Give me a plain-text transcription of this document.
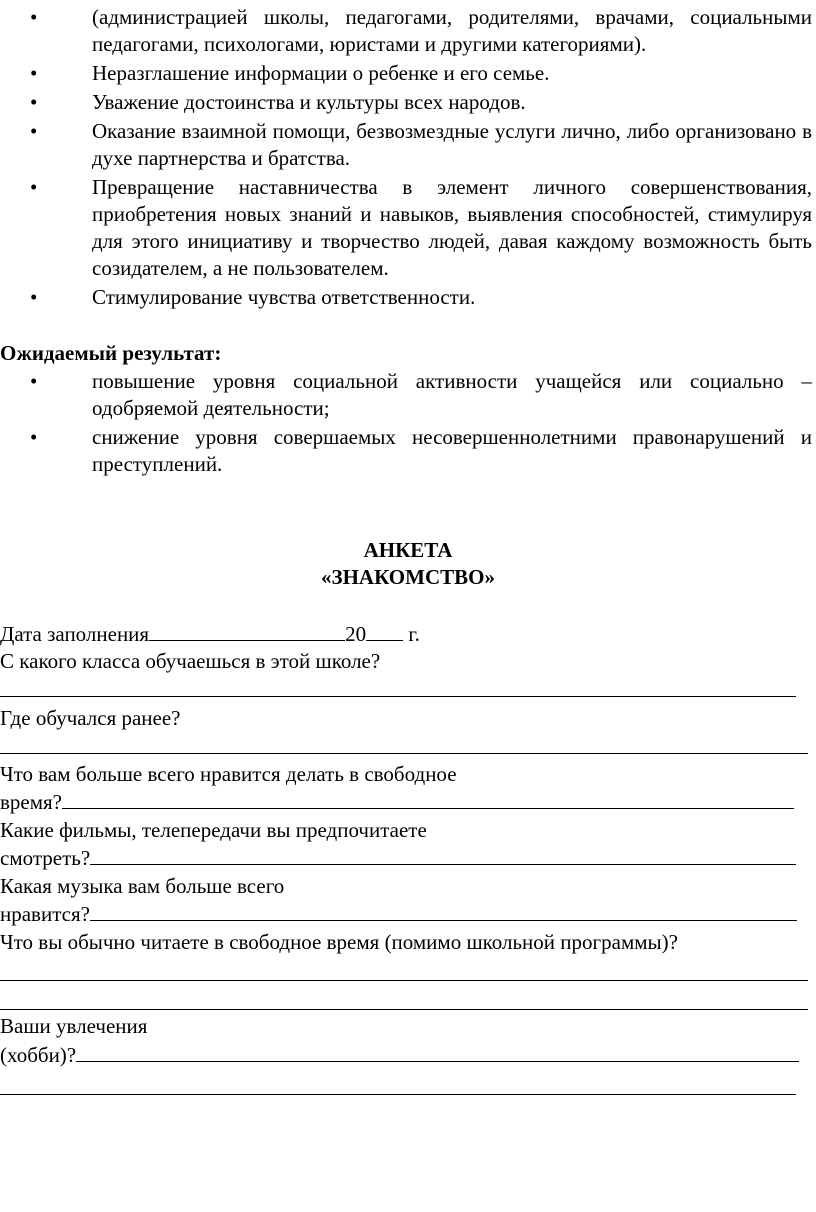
•	(администрацией школы, педагогами, родителями, врачами, социальными педагогами, психологами, юристами и другими категориями).
•	Неразглашение информации о ребенке и его семье.
•	Уважение достоинства и культуры всех народов.
•	Оказание взаимной помощи, безвозмездные услуги лично, либо организовано в духе партнерства и братства.
•	Превращение наставничества в элемент личного совершенствования, приобретения новых знаний и навыков, выявления способностей, стимулируя для этого инициативу и творчество людей, давая каждому возможность быть созидателем, а не пользователем.
•	Стимулирование чувства ответственности.
Ожидаемый результат:
•	повышение уровня социальной активности учащейся или социально – одобряемой деятельности;
•	снижение уровня совершаемых несовершеннолетними правонарушений и преступлений.
АНКЕТА
«ЗНАКОМСТВО»
Дата заполнения	20 г.
С какого класса обучаешься в этой школе?
Где обучался ранее?
Что вам больше всего нравится делать в свободное
время?
Какие фильмы, телепередачи вы предпочитаете
смотреть?
Какая музыка вам больше всего
нравится?
Что вы обычно читаете в свободное время (помимо школьной программы)?
Ваши увлечения
(хобби)?
